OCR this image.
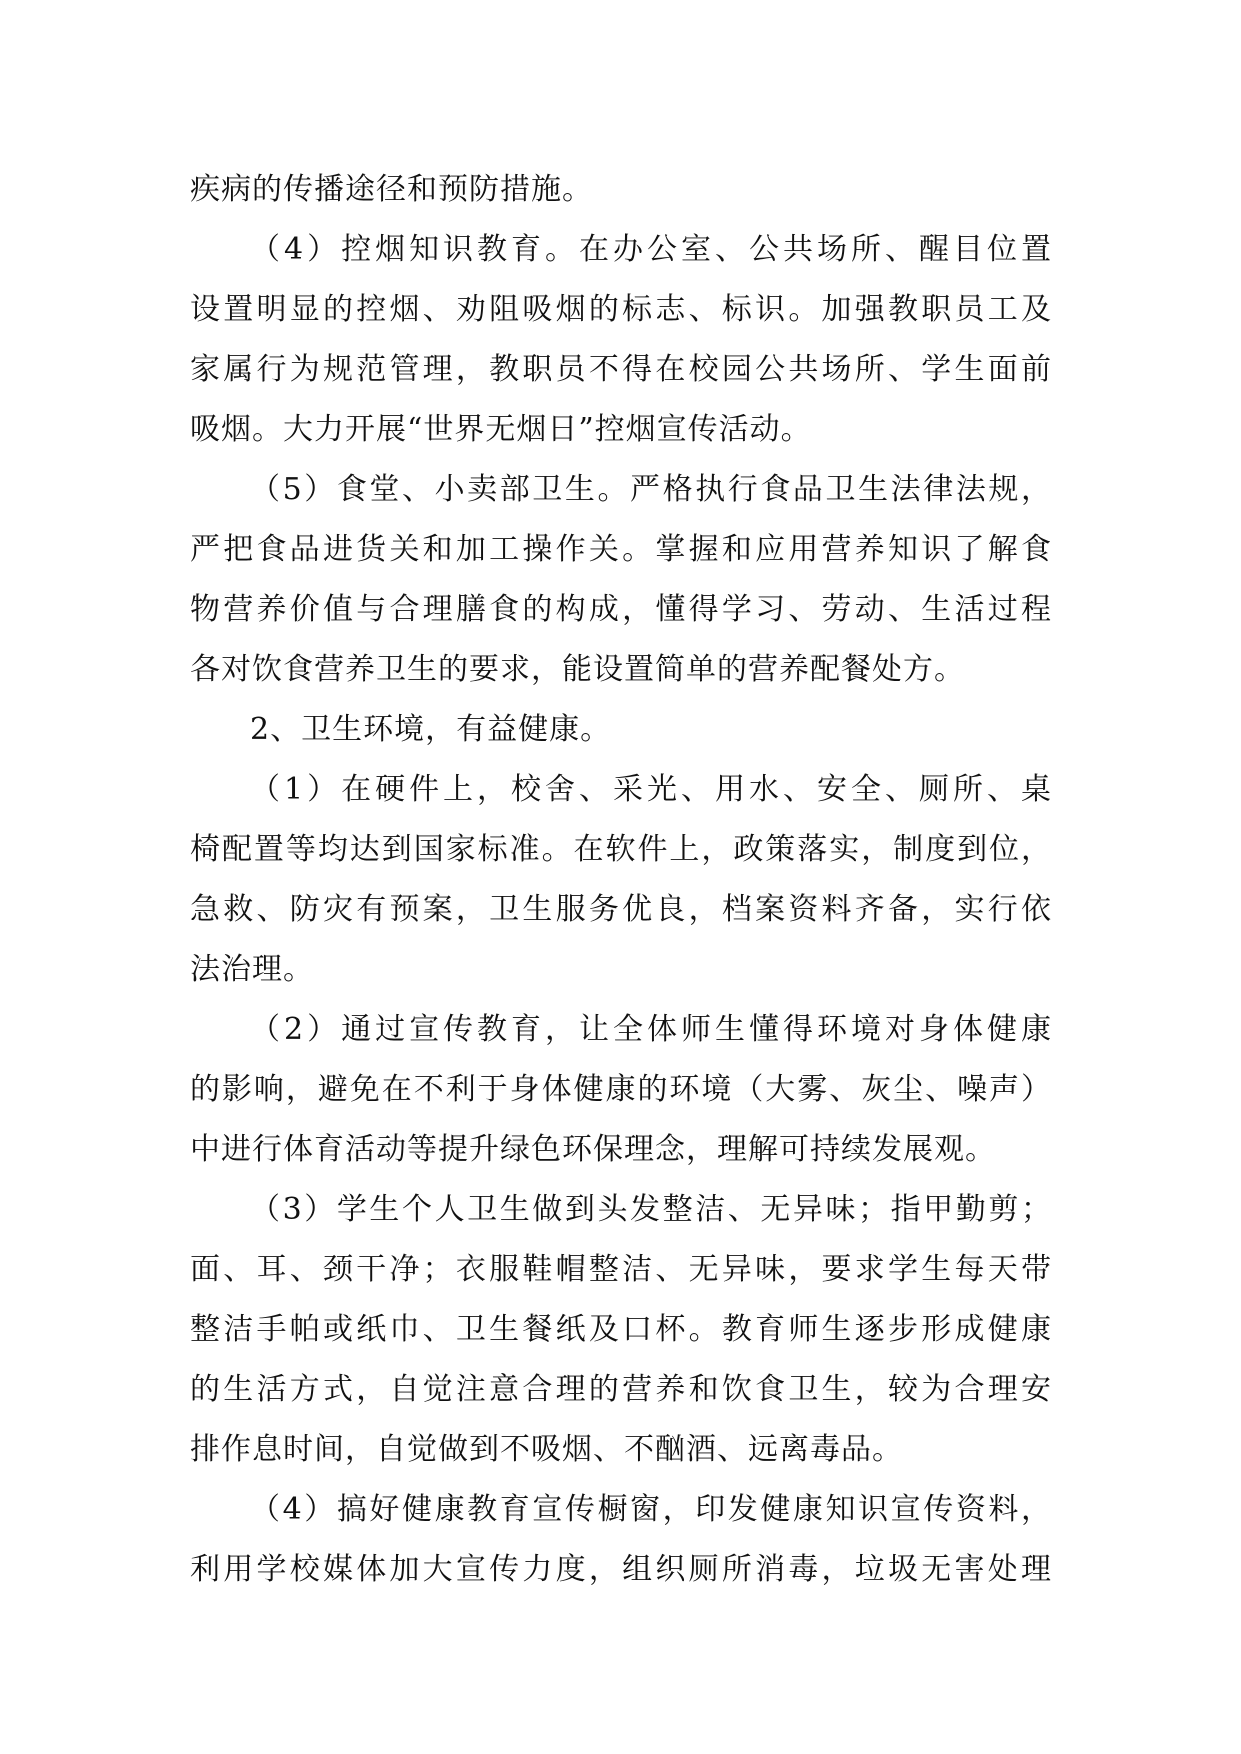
疾病的传播途径和预防措施。
（4）控烟知识教育。在办公室、公共场所、醒目位置
设置明显的控烟、劝阻吸烟的标志、标识。加强教职员工及
家属行为规范管理，教职员不得在校园公共场所、学生面前
吸烟。大力开展“世界无烟日”控烟宣传活动。
（5）食堂、小卖部卫生。严格执行食品卫生法律法规，
严把食品进货关和加工操作关。掌握和应用营养知识了解食
物营养价值与合理膳食的构成，懂得学习、劳动、生活过程
各对饮食营养卫生的要求，能设置简单的营养配餐处方。
2、卫生环境，有益健康。
（1）在硬件上，校舍、采光、用水、安全、厕所、桌
椅配置等均达到国家标准。在软件上，政策落实，制度到位，
急救、防灾有预案，卫生服务优良，档案资料齐备，实行依
法治理。
（2）通过宣传教育，让全体师生懂得环境对身体健康
的影响，避免在不利于身体健康的环境（大雾、灰尘、噪声）
中进行体育活动等提升绿色环保理念，理解可持续发展观。
（3）学生个人卫生做到头发整洁、无异味；指甲勤剪；
面、耳、颈干净；衣服鞋帽整洁、无异味，要求学生每天带
整洁手帕或纸巾、卫生餐纸及口杯。教育师生逐步形成健康
的生活方式，自觉注意合理的营养和饮食卫生，较为合理安
排作息时间，自觉做到不吸烟、不酗酒、远离毒品。
（4）搞好健康教育宣传橱窗，印发健康知识宣传资料，
利用学校媒体加大宣传力度，组织厕所消毒，垃圾无害处理
